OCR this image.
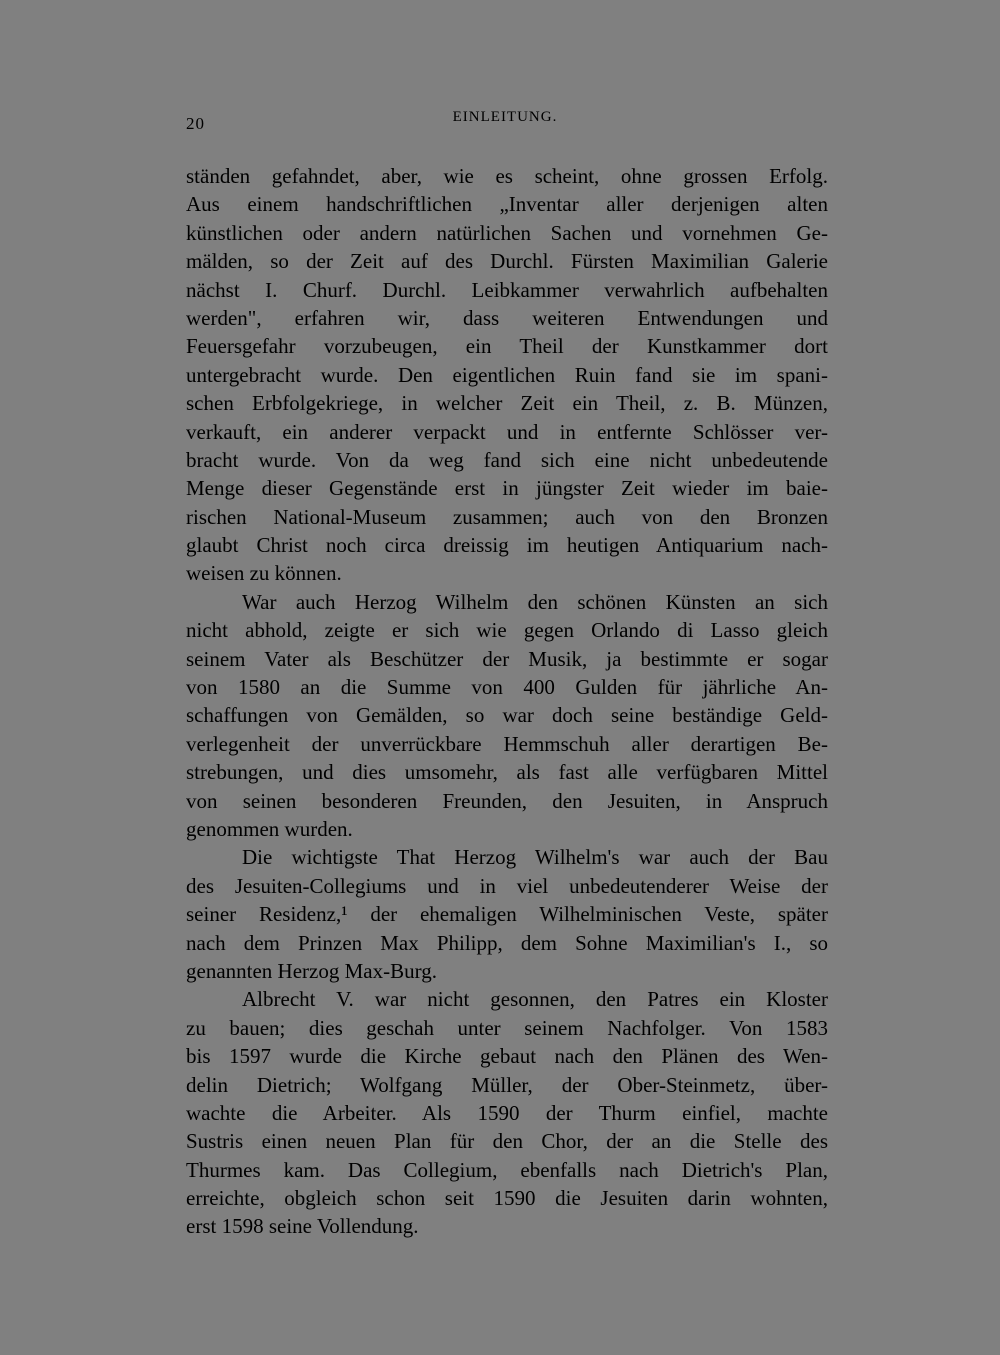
20	EINLEITUNG.
ständen gefahndet, aber, wie es scheint, ohne grossen Erfolg.
Aus einem handschriftlichen „Inventar aller derjenigen alten
künstlichen oder andern natürlichen Sachen und vornehmen Ge-
mälden, so der Zeit auf des Durchl. Fürsten Maximilian Galerie
nächst I. Churf. Durchl. Leibkammer verwahrlich aufbehalten
werden", erfahren wir, dass weiteren Entwendungen und
Feuersgefahr vorzubeugen, ein Theil der Kunstkammer dort
untergebracht wurde. Den eigentlichen Ruin fand sie im spani-
schen Erbfolgekriege, in welcher Zeit ein Theil, z. B. Münzen,
verkauft, ein anderer verpackt und in entfernte Schlösser ver-
bracht wurde. Von da weg fand sich eine nicht unbedeutende
Menge dieser Gegenstände erst in jüngster Zeit wieder im baie-
rischen National-Museum zusammen; auch von den Bronzen
glaubt Christ noch circa dreissig im heutigen Antiquarium nach-
weisen zu können.
War auch Herzog Wilhelm den schönen Künsten an sich
nicht abhold, zeigte er sich wie gegen Orlando di Lasso gleich
seinem Vater als Beschützer der Musik, ja bestimmte er sogar
von 1580 an die Summe von 400 Gulden für jährliche An-
schaffungen von Gemälden, so war doch seine beständige Geld-
verlegenheit der unverrückbare Hemmschuh aller derartigen Be-
strebungen, und dies umsomehr, als fast alle verfügbaren Mittel
von seinen besonderen Freunden, den Jesuiten, in Anspruch
genommen wurden.
Die wichtigste That Herzog Wilhelm's war auch der Bau
des Jesuiten-Collegiums und in viel unbedeutenderer Weise der
seiner Residenz,¹ der ehemaligen Wilhelminischen Veste, später
nach dem Prinzen Max Philipp, dem Sohne Maximilian's I., so
genannten Herzog Max-Burg.
Albrecht V. war nicht gesonnen, den Patres ein Kloster
zu bauen; dies geschah unter seinem Nachfolger. Von 1583
bis 1597 wurde die Kirche gebaut nach den Plänen des Wen-
delin Dietrich; Wolfgang Müller, der Ober-Steinmetz, über-
wachte die Arbeiter. Als 1590 der Thurm einfiel, machte
Sustris einen neuen Plan für den Chor, der an die Stelle des
Thurmes kam. Das Collegium, ebenfalls nach Dietrich's Plan,
erreichte, obgleich schon seit 1590 die Jesuiten darin wohnten,
erst 1598 seine Vollendung.
